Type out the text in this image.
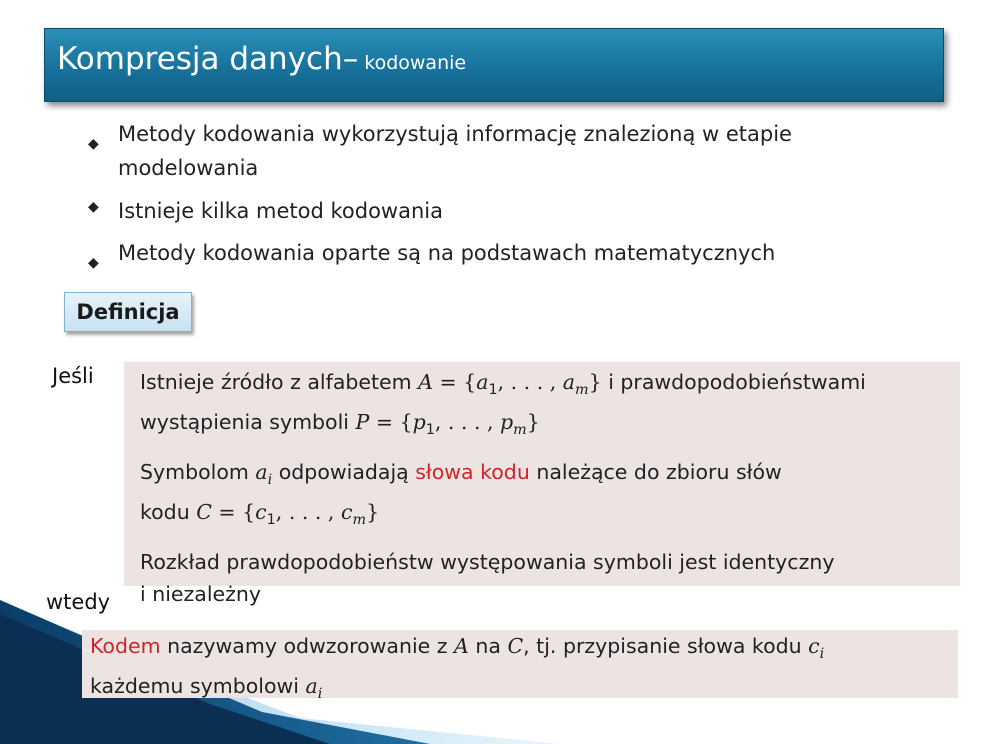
Kompresja danych– kodowanie
◆ Metody kodowania wykorzystują informację znalezioną w etapie
modelowania
◆ Istnieje kilka metod kodowania
◆ Metody kodowania oparte są na podstawach matematycznych
Definicja
Jeśli Istnieje źródło z alfabetem $A = \{a_1$, . . . , $a_m$} i prawdopodobieństwami
wystąpienia symboli $P = \{p_1$, . . . , $p_m$}

Symbolom $a_i$ odpowiadają słowa kodu należące do zbioru słów
kodu $C = \{c_1$, . . . , $c_m$}

Rozkład prawdopodobieństw występowania symboli jest identyczny
i niezależny

wtedy

Kodem nazywamy odwzorowanie z A na C, tj. przypisanie słowa kodu $c_i$
każdemu symbolowi $a_i$
